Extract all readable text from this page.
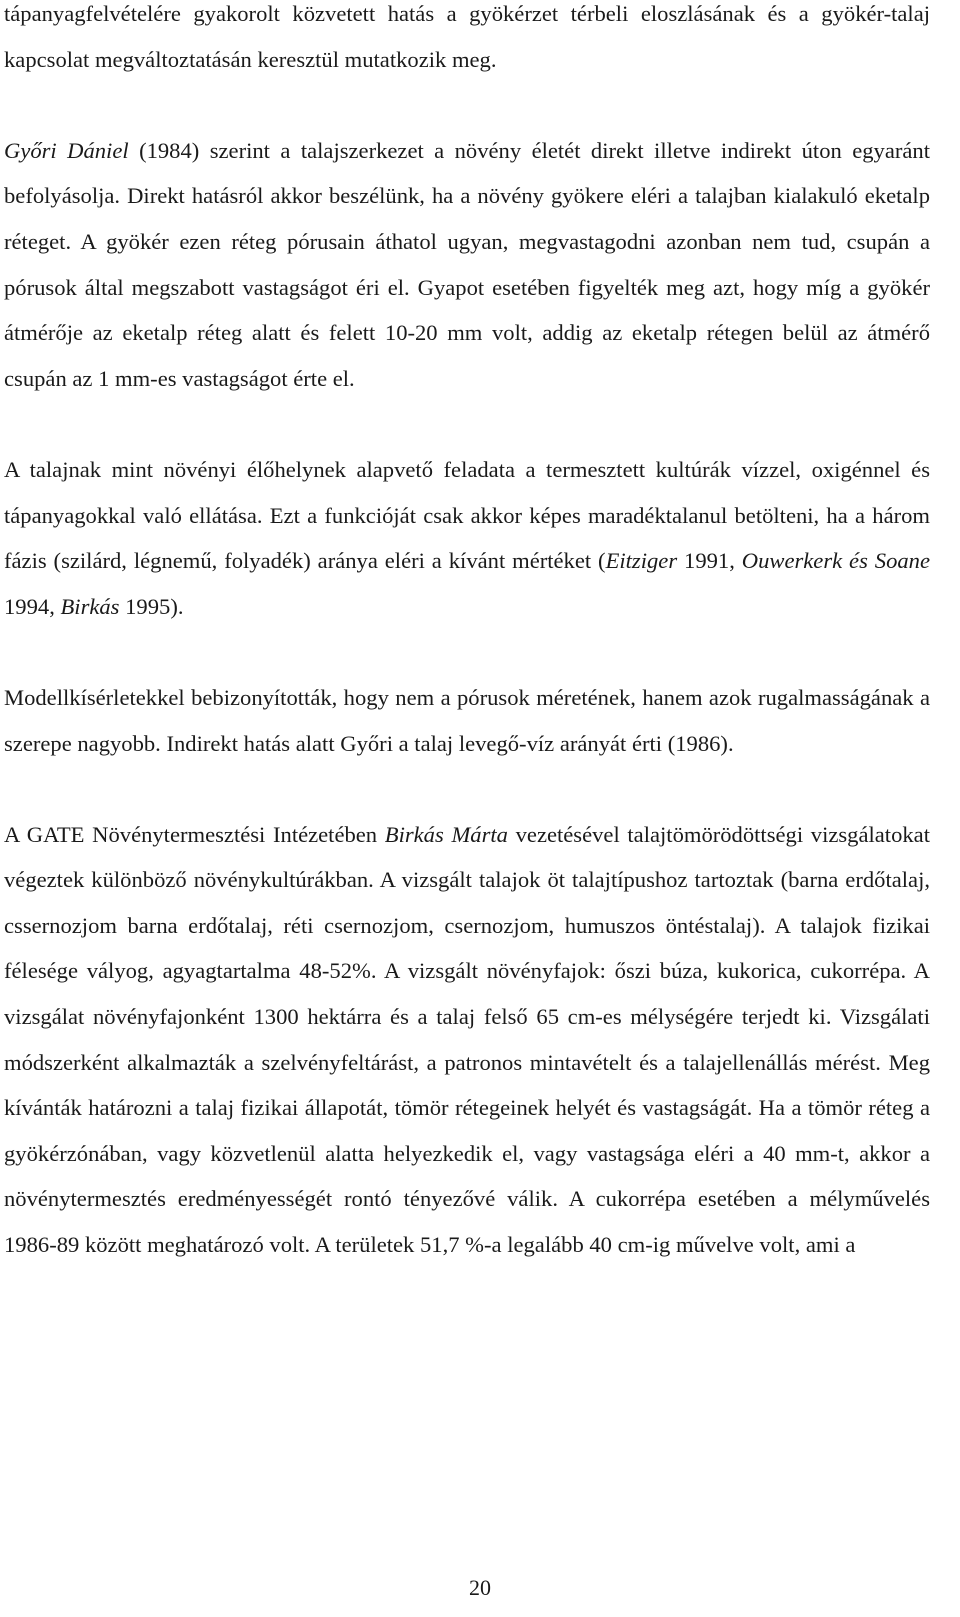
tápanyagfelvételére gyakorolt közvetett hatás a gyökérzet térbeli eloszlásának és a gyökér-talaj kapcsolat megváltoztatásán keresztül mutatkozik meg.

Győri Dániel (1984) szerint a talajszerkezet a növény életét direkt illetve indirekt úton egyaránt befolyásolja. Direkt hatásról akkor beszélünk, ha a növény gyökere eléri a talajban kialakuló eketalp réteget. A gyökér ezen réteg pórusain áthatol ugyan, megvastagodni azonban nem tud, csupán a pórusok által megszabott vastagságot éri el. Gyapot esetében figyelték meg azt, hogy míg a gyökér átmérője az eketalp réteg alatt és felett 10-20 mm volt, addig az eketalp rétegen belül az átmérő csupán az 1 mm-es vastagságot érte el.

A talajnak mint növényi élőhelynek alapvető feladata a termesztett kultúrák vízzel, oxigénnel és tápanyagokkal való ellátása. Ezt a funkcióját csak akkor képes maradéktalanul betölteni, ha a három fázis (szilárd, légnemű, folyadék) aránya eléri a kívánt mértéket (Eitziger 1991, Ouwerkerk és Soane 1994, Birkás 1995).

Modellkísérletekkel bebizonyították, hogy nem a pórusok méretének, hanem azok rugalmasságának a szerepe nagyobb. Indirekt hatás alatt Győri a talaj levegő-víz arányát érti (1986).

A GATE Növénytermesztési Intézetében Birkás Márta vezetésével talajtömörödöttségi vizsgálatokat végeztek különböző növénykultúrákban. A vizsgált talajok öt talajtípushoz tartoztak (barna erdőtalaj, cssernozjom barna erdőtalaj, réti csernozjom, csernozjom, humuszos öntéstalaj). A talajok fizikai félesége vályog, agyagtartalma 48-52%. A vizsgált növényfajok: őszi búza, kukorica, cukorrépa. A vizsgálat növényfajonként 1300 hektárra és a talaj felső 65 cm-es mélységére terjedt ki. Vizsgálati módszerként alkalmazták a szelvényfeltárást, a patronos mintavételt és a talajellenállás mérést. Meg kívánták határozni a talaj fizikai állapotát, tömör rétegeinek helyét és vastagságát. Ha a tömör réteg a gyökérzónában, vagy közvetlenül alatta helyezkedik el, vagy vastagsága eléri a 40 mm-t, akkor a növénytermesztés eredményességét rontó tényezővé válik. A cukorrépa esetében a mélyművelés 1986-89 között meghatározó volt. A területek 51,7 %-a legalább 40 cm-ig művelve volt, ami a

20
